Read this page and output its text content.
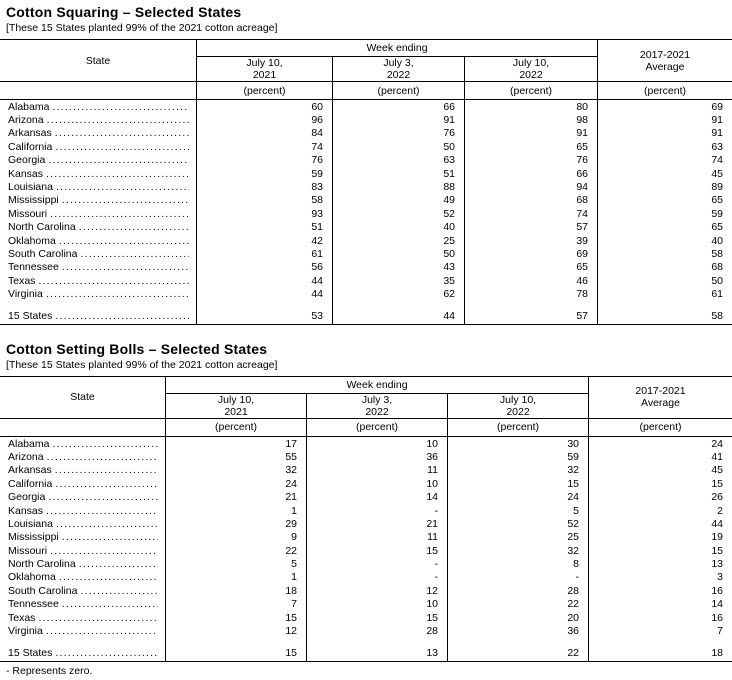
Cotton Squaring – Selected States
[These 15 States planted 99% of the 2021 cotton acreage]
State
Week ending
2017-2021
Average
July 10,
2021
July 3,
2022
July 10,
2022
(percent)	(percent)	(percent)	(percent)
Alabama .....	60	66	80	69
Arizona .....	96	91	98	91
Arkansas .....	84	76	91	91
California .....	74	50	65	63
Georgia .....	76	63	76	74
Kansas .....	59	51	66	45
Louisiana .....	83	88	94	89
Mississippi .....	58	49	68	65
Missouri .....	93	52	74	59
North Carolina .....	51	40	57	65
Oklahoma .....	42	25	39	40
South Carolina .....	61	50	69	58
Tennessee .....	56	43	65	68
Texas .....	44	35	46	50
Virginia .....	44	62	78	61
15 States .....	53	44	57	58
Cotton Setting Bolls – Selected States
[These 15 States planted 99% of the 2021 cotton acreage]
State
Week ending
2017-2021
Average
July 10,
2021
July 3,
2022
July 10,
2022
(percent)	(percent)	(percent)	(percent)
Alabama .....	17	10	30	24
Arizona .....	55	36	59	41
Arkansas .....	32	11	32	45
California .....	24	10	15	15
Georgia .....	21	14	24	26
Kansas .....	1	-	5	2
Louisiana .....	29	21	52	44
Mississippi .....	9	11	25	19
Missouri .....	22	15	32	15
North Carolina .....	5	-	8	13
Oklahoma .....	1	-	-	3
South Carolina .....	18	12	28	16
Tennessee .....	7	10	22	14
Texas .....	15	15	20	16
Virginia .....	12	28	36	7
15 States .....	15	13	22	18
- Represents zero.
